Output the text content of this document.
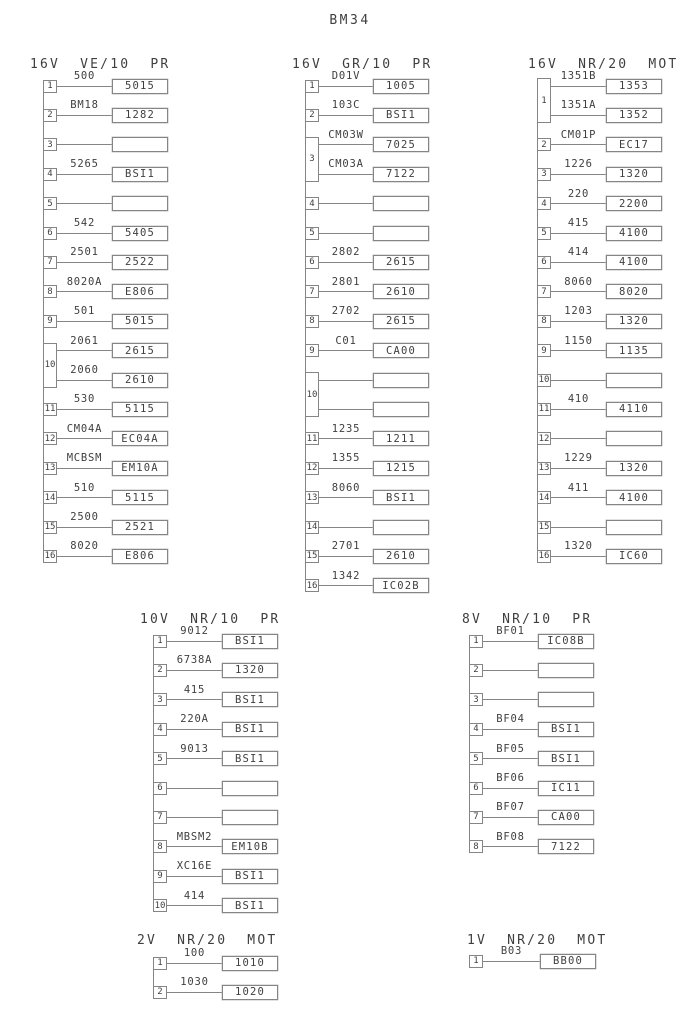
BM34
16V  VE/10  PR
500
5015
1
BM18
1282
2
3
5265
BSI1
4
5
542
5405
6
2501
2522
7
8020A
E806
8
501
5015
9
2061
2615
2060
2610
10
530
5115
11
CM04A
EC04A
12
MCBSM
EM10A
13
510
5115
14
2500
2521
15
8020
E806
16
16V  GR/10  PR
D01V
1005
1
103C
BSI1
2
CM03W
7025
CM03A
7122
3
4
5
2802
2615
6
2801
2610
7
2702
2615
8
C01
CA00
9
10
1235
1211
11
1355
1215
12
8060
BSI1
13
14
2701
2610
15
1342
IC02B
16
16V  NR/20  MOT
1351B
1353
1351A
1352
1
CM01P
EC17
2
1226
1320
3
220
2200
4
415
4100
5
414
4100
6
8060
8020
7
1203
1320
8
1150
1135
9
10
410
4110
11
12
1229
1320
13
411
4100
14
15
1320
IC60
16
10V  NR/10  PR
9012
BSI1
1
6738A
1320
2
415
BSI1
3
220A
BSI1
4
9013
BSI1
5
6
7
MBSM2
EM10B
8
XC16E
BSI1
9
414
BSI1
10
8V  NR/10  PR
BF01
IC08B
1
2
3
BF04
BSI1
4
BF05
BSI1
5
BF06
IC11
6
BF07
CA00
7
BF08
7122
8
2V  NR/20  MOT
100
1010
1
1030
1020
2
1V  NR/20  MOT
B03
BB00
1
